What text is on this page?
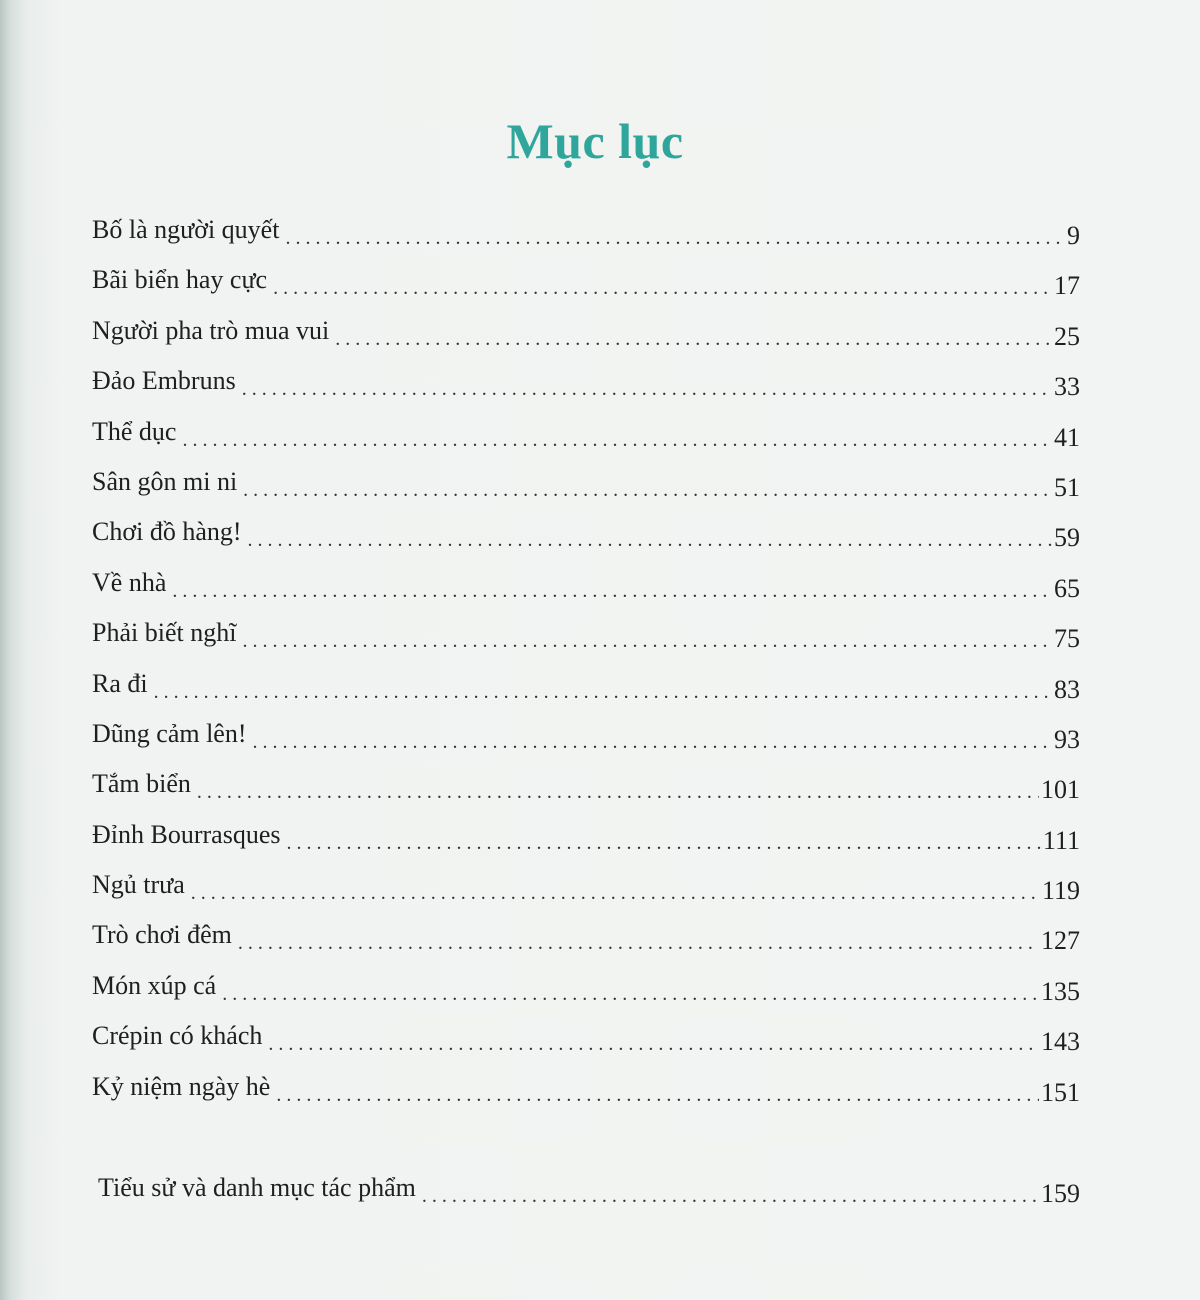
Mục lục
Bố là người quyết . . .	9
Bãi biển hay cực . . .	17
Người pha trò mua vui . . .	25
Đảo Embruns . . .	33
Thể dục . . .	41
Sân gôn mi ni . . .	51
Chơi đồ hàng! . . .	59
Về nhà . . .	65
Phải biết nghĩ . . .	75
Ra đi . . .	83
Dũng cảm lên! . . .	93
Tắm biển . . .	101
Đỉnh Bourrasques . . .	111
Ngủ trưa . . .	119
Trò chơi đêm . . .	127
Món xúp cá . . .	135
Crépin có khách . . .	143
Kỷ niệm ngày hè . . .	151
Tiểu sử và danh mục tác phẩm . . .	159
